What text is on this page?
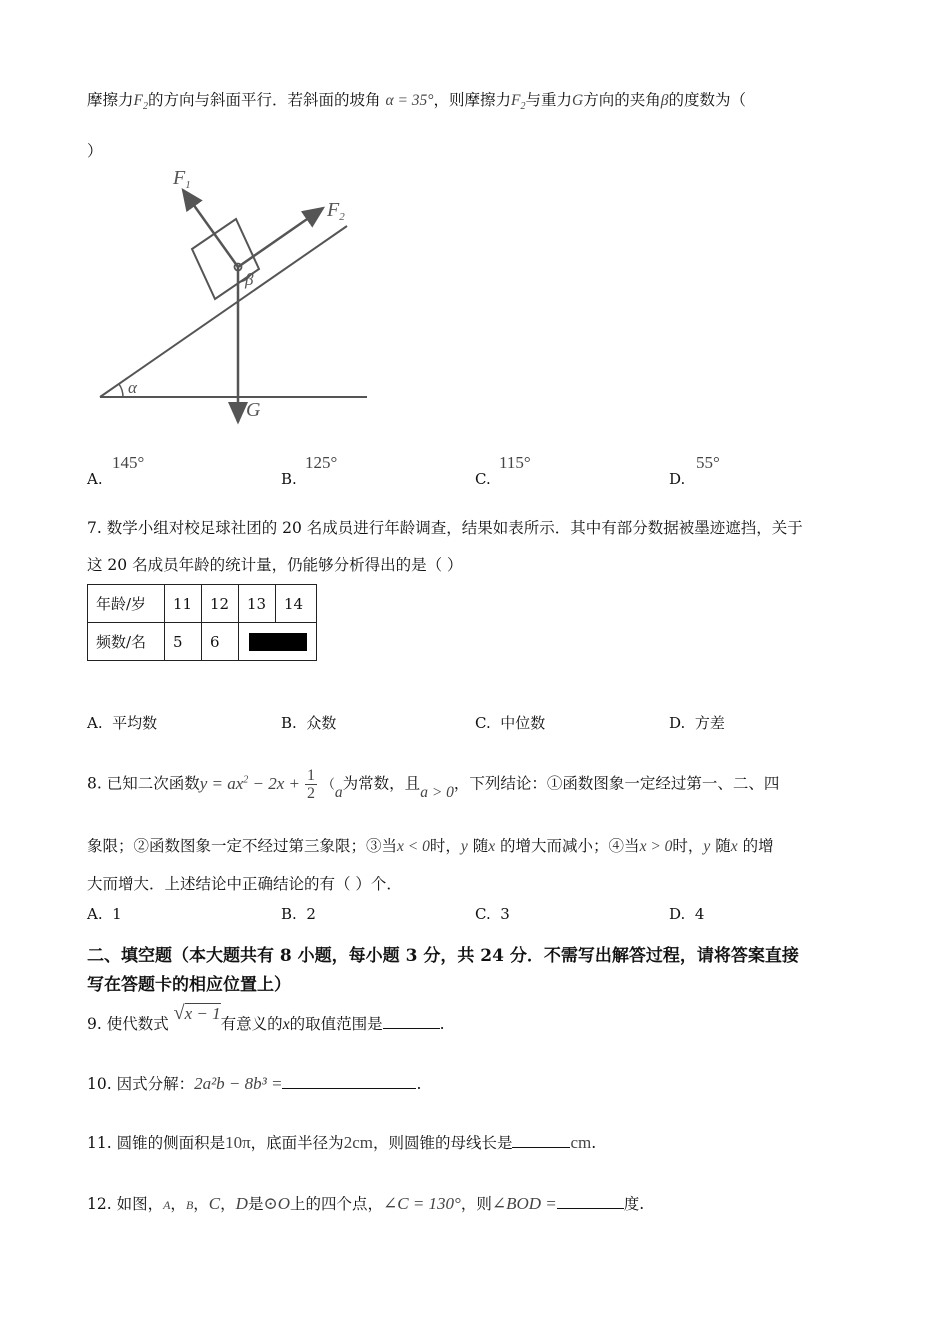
摩擦力$F_2$的方向与斜面平行．若斜面的坡角 α = 35°，则摩擦力$F_2$与重力G方向的夹角β的度数为（
）
$F_1$
$F_2$
β
α
G
A.
145°
B.
125°
C.
115°
D.
55°
7. 数学小组对校足球社团的 20 名成员进行年龄调查，结果如表所示．其中有部分数据被墨迹遮挡，关于
这 20 名成员年龄的统计量，仍能够分析得出的是（ ）
年龄/岁	11	12	13	14
频数/名	5	6		
A. 平均数	B. 众数	C. 中位数	D. 方差
8. 已知二次函数$y = ax^2 - 2x + \frac{1}{2} (a$为常数，且a > 0，下列结论：①函数图象一定经过第一、二、四
象限；②函数图象一定不经过第三象限；③当x < 0时，y 随x 的增大而减小；④当x > 0时，y 随x 的增
大而增大．上述结论中正确结论的有（ ）个．
A. 1	B. 2	C. 3	D. 4
二、填空题（本大题共有 8 小题，每小题 3 分，共 24 分．不需写出解答过程，请将答案直接
写在答题卡的相应位置上）
9. 使代数式 √x − 1有意义的x的取值范围是	.
10. 因式分解：2a²b − 8b³ =	.
11. 圆锥的侧面积是10π，底面半径为2cm，则圆锥的母线长是	cm.
12. 如图，A，B，C，D是⊙O上的四个点，∠C = 130°，则∠BOD =	度.
